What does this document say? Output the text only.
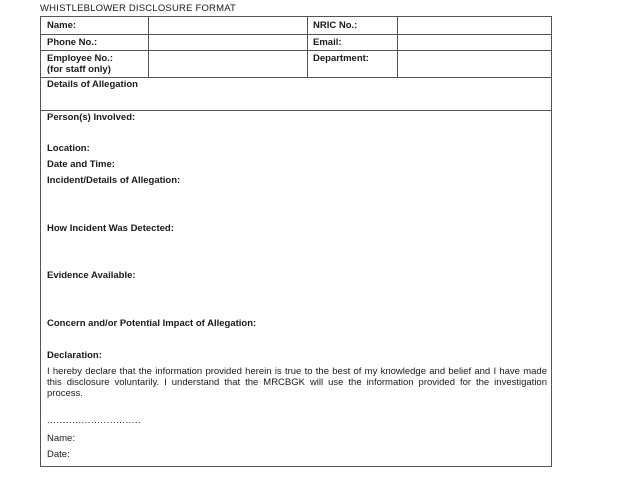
WHISTLEBLOWER DISCLOSURE FORMAT
Name:	NRIC No.:
Phone No.:	Email:
Employee No.:
(for staff only)
Department:
Details of Allegation
Person(s) Involved:
Location:
Date and Time:
Incident/Details of Allegation:
How Incident Was Detected:
Evidence Available:
Concern and/or Potential Impact of Allegation:
Declaration:
I hereby declare that the information provided herein is true to the best of my knowledge and belief and I have made this disclosure voluntarily. I understand that the MRCBGK will use the information provided for the investigation process.
..............................
Name:
Date:
